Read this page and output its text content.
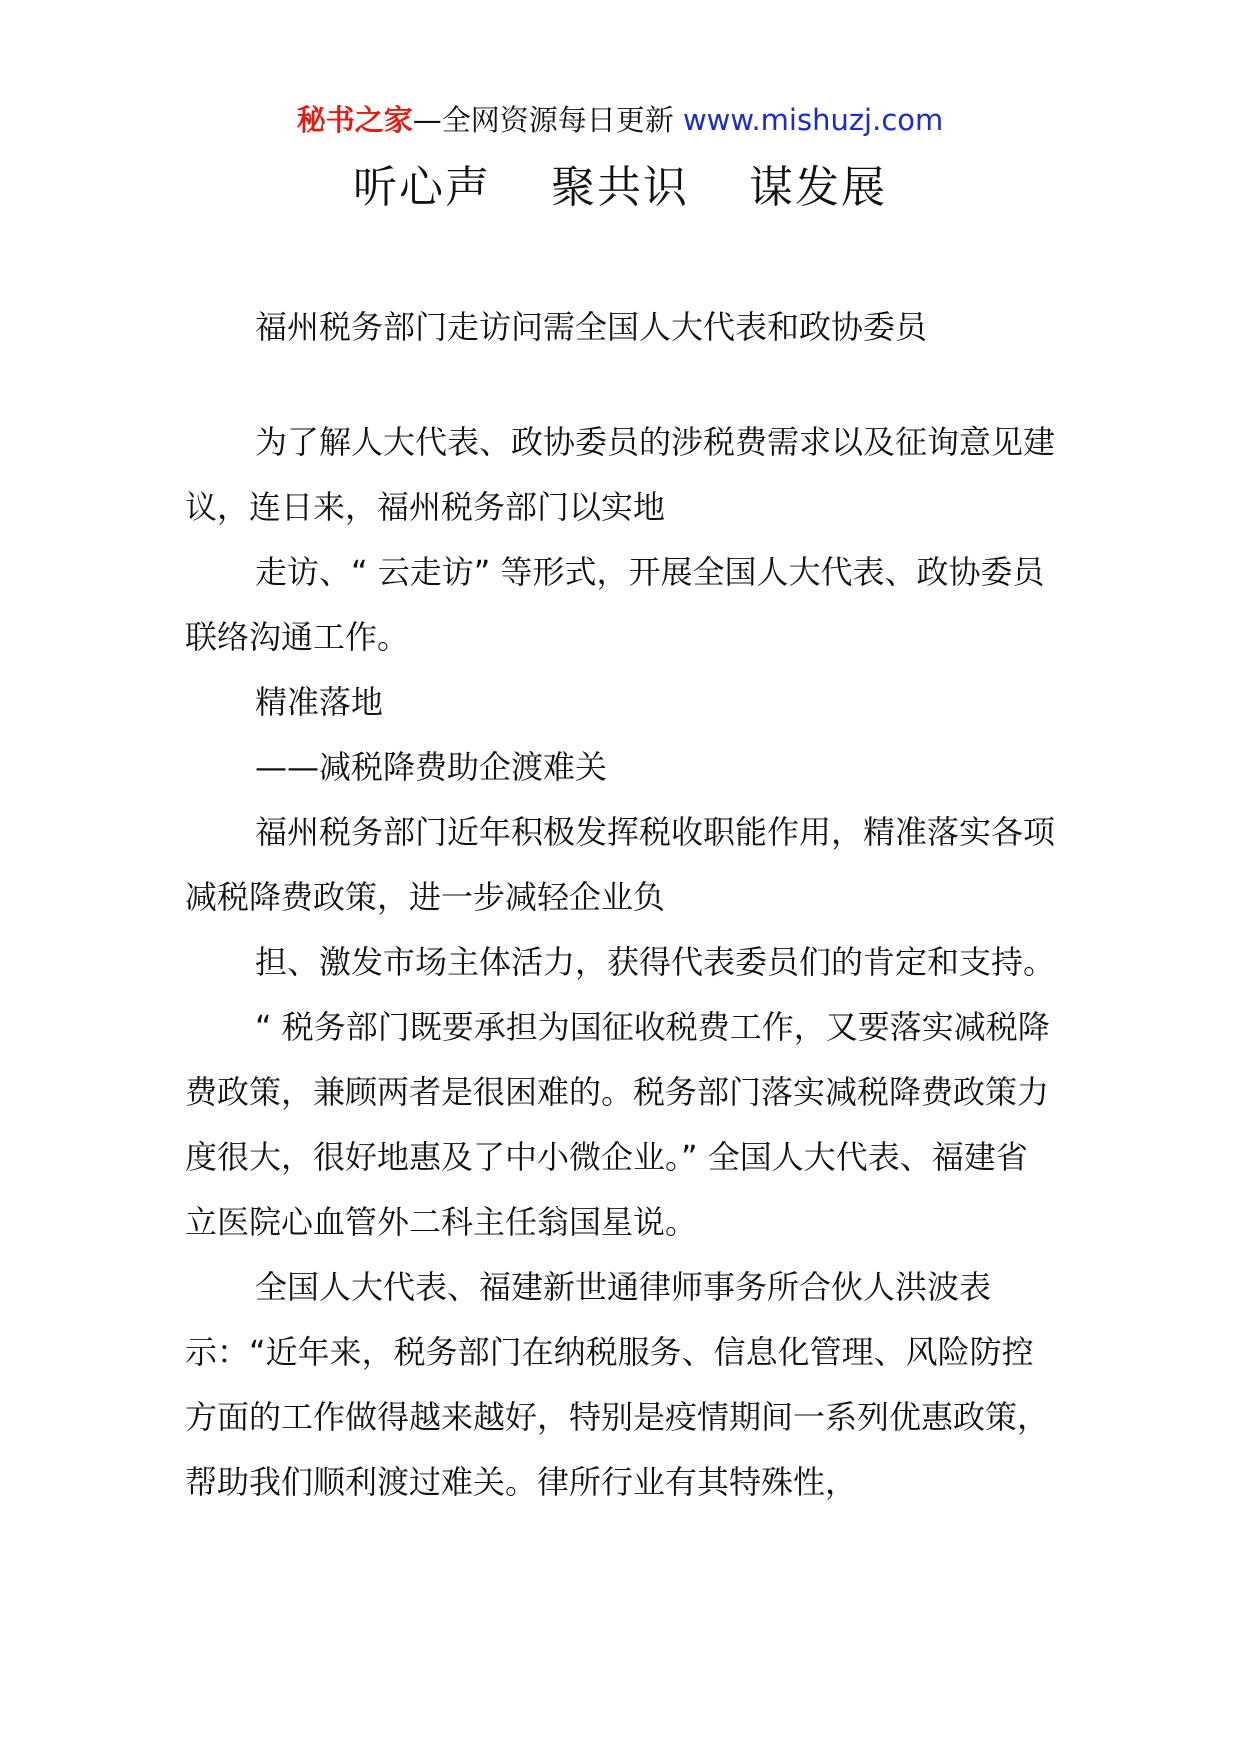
秘书之家—全网资源每日更新 www.mishuzj.com
听心声 聚共识 谋发展

福州税务部门走访问需全国人大代表和政协委员

为了解人大代表、政协委员的涉税费需求以及征询意见建议，连日来，福州税务部门以实地

走访、“ 云走访” 等形式，开展全国人大代表、政协委员联络沟通工作。

精准落地

——减税降费助企渡难关

福州税务部门近年积极发挥税收职能作用，精准落实各项减税降费政策，进一步减轻企业负

担、激发市场主体活力，获得代表委员们的肯定和支持。

“ 税务部门既要承担为国征收税费工作，又要落实减税降费政策，兼顾两者是很困难的。税务部门落实减税降费政策力度很大，很好地惠及了中小微企业。” 全国人大代表、福建省立医院心血管外二科主任翁国星说。

全国人大代表、福建新世通律师事务所合伙人洪波表示：“近年来，税务部门在纳税服务、信息化管理、风险防控方面的工作做得越来越好，特别是疫情期间一系列优惠政策，帮助我们顺利渡过难关。律所行业有其特殊性，
